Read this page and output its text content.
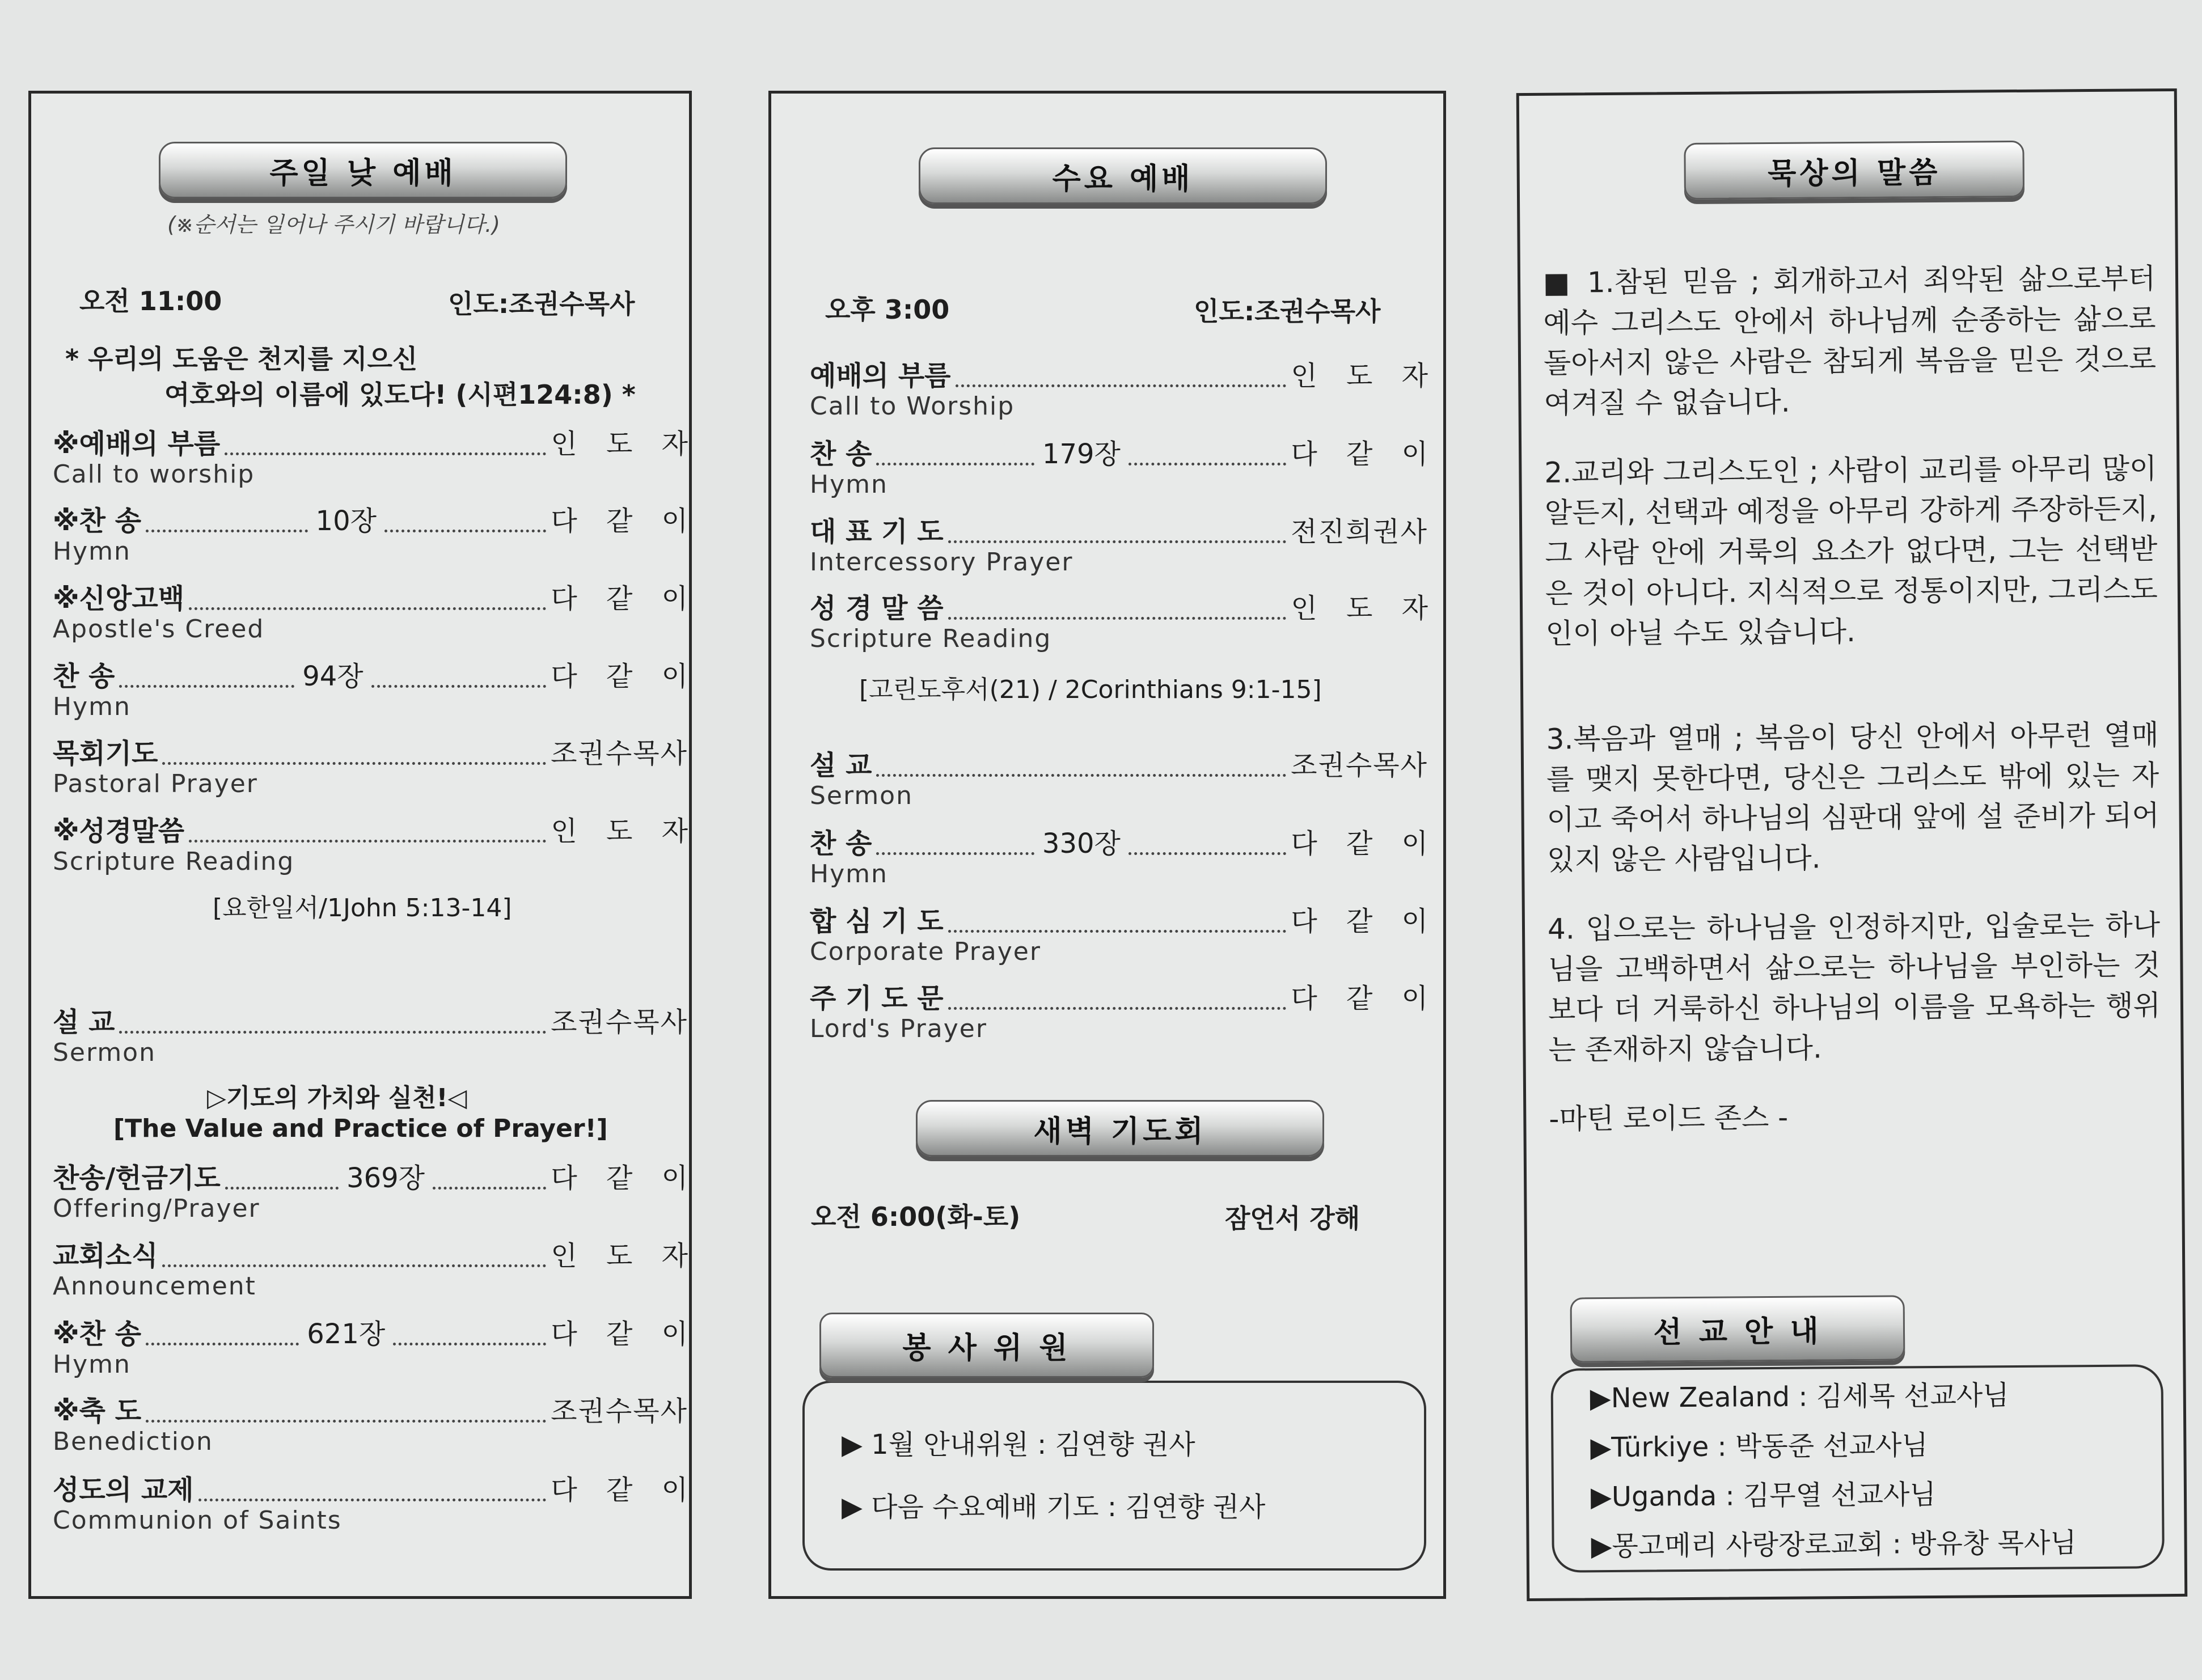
주일 낮 예배
(※순서는 일어나 주시기 바랍니다.)
오전 11:00	인도:조권수목사
* 우리의 도움은 천지를 지으신
여호와의 이름에 있도다! (시편124:8) *
※예배의 부름	인 도 자
Call to worship
※찬 송	10장	다 같 이
Hymn
※신앙고백	다 같 이
Apostle's Creed
찬 송	94장	다 같 이
Hymn
목회기도	조권수목사
Pastoral Prayer
※성경말씀	인 도 자
Scripture Reading
설 교	조권수목사
Sermon
찬송/헌금기도	369장	다 같 이
Offering/Prayer
교회소식	인 도 자
Announcement
※찬 송	621장	다 같 이
Hymn
※축 도	조권수목사
Benediction
성도의 교제	다 같 이
Communion of Saints
[요한일서/1John 5:13-14]
▷기도의 가치와 실천!◁
[The Value and Practice of Prayer!]
수요 예배
오후 3:00	인도:조권수목사
예배의 부름	인 도 자
Call to Worship
찬 송	179장	다 같 이
Hymn
대 표 기 도	전진희권사
Intercessory Prayer
성 경 말 씀	인 도 자
Scripture Reading
설 교	조권수목사
Sermon
찬 송	330장	다 같 이
Hymn
합 심 기 도	다 같 이
Corporate Prayer
주 기 도 문	다 같 이
Lord's Prayer
[고린도후서(21) / 2Corinthians 9:1-15]
새벽 기도회
오전 6:00(화-토)	잠언서 강해
▶ 1월 안내위원 : 김연향 권사
▶ 다음 수요예배 기도 : 김연향 권사
봉 사 위 원
묵상의 말씀
■ 1.참된 믿음 ; 회개하고서 죄악된 삶으로부터 예수 그리스도 안에서 하나님께 순종하는 삶으로 돌아서지 않은 사람은 참되게 복음을 믿은 것으로 여겨질 수 없습니다.
2.교리와 그리스도인 ; 사람이 교리를 아무리 많이 알든지, 선택과 예정을 아무리 강하게 주장하든지, 그 사람 안에 거룩의 요소가 없다면, 그는 선택받은 것이 아니다. 지식적으로 정통이지만, 그리스도인이 아닐 수도 있습니다.
3.복음과 열매 ; 복음이 당신 안에서 아무런 열매를 맺지 못한다면, 당신은 그리스도 밖에 있는 자이고 죽어서 하나님의 심판대 앞에 설 준비가 되어 있지 않은 사람입니다.
4. 입으로는 하나님을 인정하지만, 입술로는 하나님을 고백하면서 삶으로는 하나님을 부인하는 것보다 더 거룩하신 하나님의 이름을 모욕하는 행위는 존재하지 않습니다.
-마틴 로이드 존스 -
▶New Zealand : 김세목 선교사님
▶Türkiye : 박동준 선교사님
▶Uganda : 김무열 선교사님
▶몽고메리 사랑장로교회 : 방유창 목사님
선 교 안 내
